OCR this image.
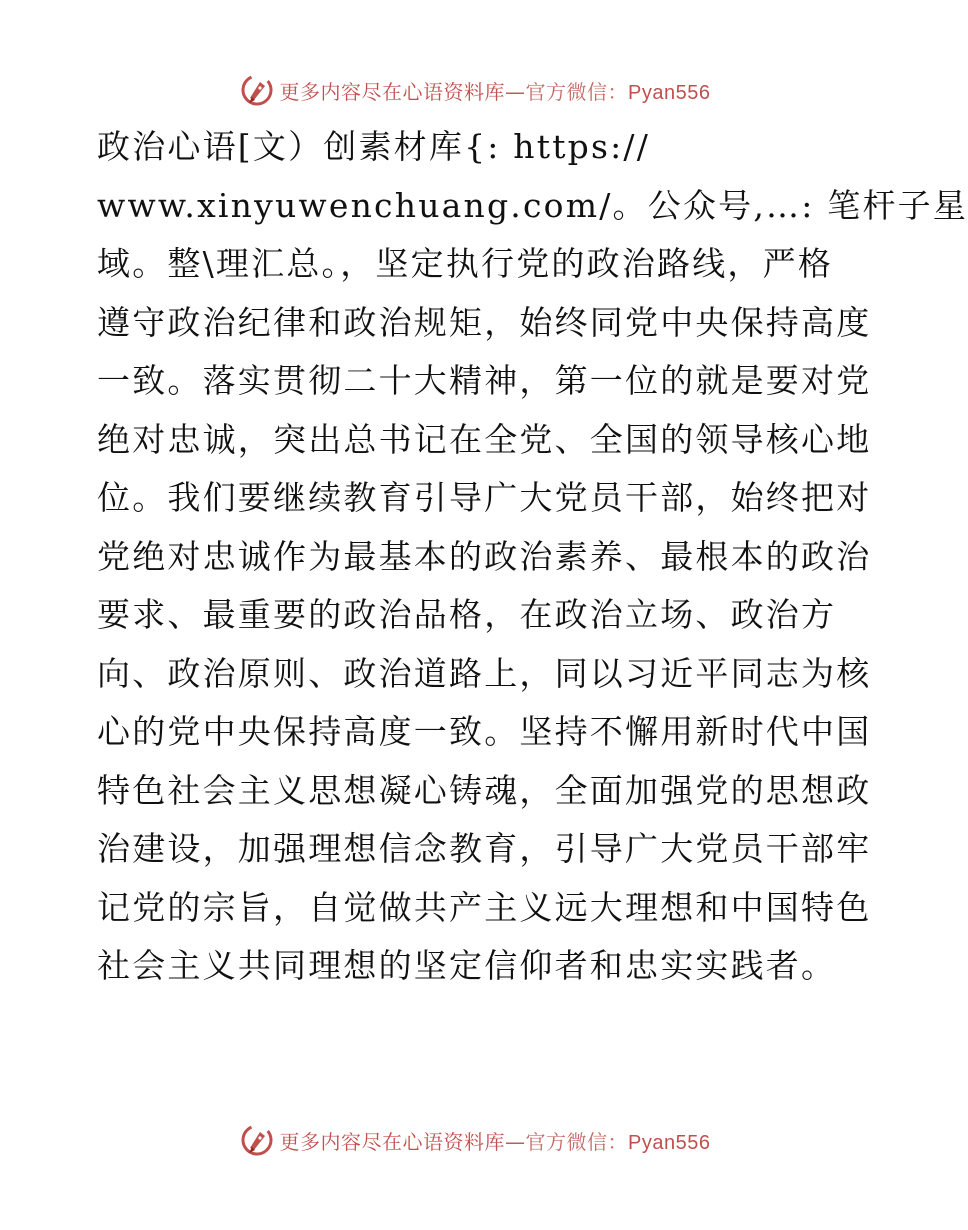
更多内容尽在心语资料库—官方微信：Pyan556
政治心语[文）创素材库{: https://
www.xinyuwenchuang.com/。公众号,…: 笔杆子星
域。整\理汇总。，坚定执行党的政治路线，严格
遵守政治纪律和政治规矩，始终同党中央保持高度
一致。落实贯彻二十大精神，第一位的就是要对党
绝对忠诚，突出总书记在全党、全国的领导核心地
位。我们要继续教育引导广大党员干部，始终把对
党绝对忠诚作为最基本的政治素养、最根本的政治
要求、最重要的政治品格，在政治立场、政治方
向、政治原则、政治道路上，同以习近平同志为核
心的党中央保持高度一致。坚持不懈用新时代中国
特色社会主义思想凝心铸魂，全面加强党的思想政
治建设，加强理想信念教育，引导广大党员干部牢
记党的宗旨，自觉做共产主义远大理想和中国特色
社会主义共同理想的坚定信仰者和忠实实践者。
更多内容尽在心语资料库—官方微信：Pyan556
